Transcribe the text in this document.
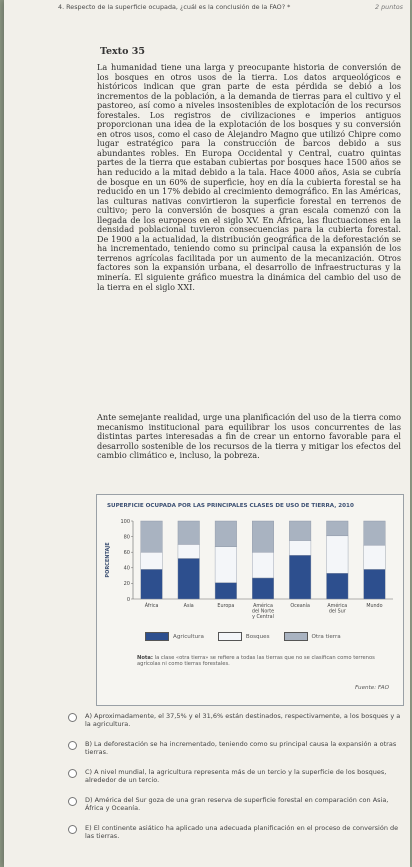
4. Respecto de la superficie ocupada, ¿cuál es la conclusión de la FAO? *	2 puntos
Texto 35

La humanidad tiene una larga y preocupante historia de conversión de los bosques en otros usos de la tierra. Los datos arqueológicos e históricos indican que gran parte de esta pérdida se debió a los incrementos de la población, a la demanda de tierras para el cultivo y el pastoreo, así como a niveles insostenibles de explotación de los recursos forestales. Los registros de civilizaciones e imperios antiguos proporcionan una idea de la explotación de los bosques y su conversión en otros usos, como el caso de Alejandro Magno que utilizó Chipre como lugar estratégico para la construcción de barcos debido a sus abundantes robles. En Europa Occidental y Central, cuatro quintas partes de la tierra que estaban cubiertas por bosques hace 1500 años se han reducido a la mitad debido a la tala. Hace 4000 años, Asia se cubría de bosque en un 60% de superficie, hoy en día la cubierta forestal se ha reducido en un 17% debido al crecimiento demográfico. En las Américas, las culturas nativas convirtieron la superficie forestal en terrenos de cultivo; pero la conversión de bosques a gran escala comenzó con la llegada de los europeos en el siglo XV. En África, las fluctuaciones en la densidad poblacional tuvieron consecuencias para la cubierta forestal. De 1900 a la actualidad, la distribución geográfica de la deforestación se ha incrementado, teniendo como su principal causa la expansión de los terrenos agrícolas facilitada por un aumento de la mecanización. Otros factores son la expansión urbana, el desarrollo de infraestructuras y la minería. El siguiente gráfico muestra la dinámica del cambio del uso de la tierra en el siglo XXI.

Ante semejante realidad, urge una planificación del uso de la tierra como mecanismo institucional para equilibrar los usos concurrentes de las distintas partes interesadas a fin de crear un entorno favorable para el desarrollo sostenible de los recursos de la tierra y mitigar los efectos del cambio climático e, incluso, la pobreza.

SUPERFICIE OCUPADA POR LAS PRINCIPALES CLASES DE USO DE TIERRA, 2010
0
20
40
60
80
100
PORCENTAJE
África	Asia	Europa	América del Norte y Central
Oceanía	América del Sur
Mundo
Agricultura	Bosques	Otra tierra
Nota: la clase «otra tierra» se refiere a todas las tierras que no se clasifican como terrenos agrícolas ni como tierras forestales.
Fuente: FAO
A) Aproximadamente, el 37,5% y el 31,6% están destinados, respectivamente, a los bosques y a la agricultura.
B) La deforestación se ha incrementado, teniendo como su principal causa la expansión a otras tierras.
C) A nivel mundial, la agricultura representa más de un tercio y la superficie de los bosques, alrededor de un tercio.
D) América del Sur goza de una gran reserva de superficie forestal en comparación con Asia, África y Oceanía.
E) El continente asiático ha aplicado una adecuada planificación en el proceso de conversión de las tierras.
